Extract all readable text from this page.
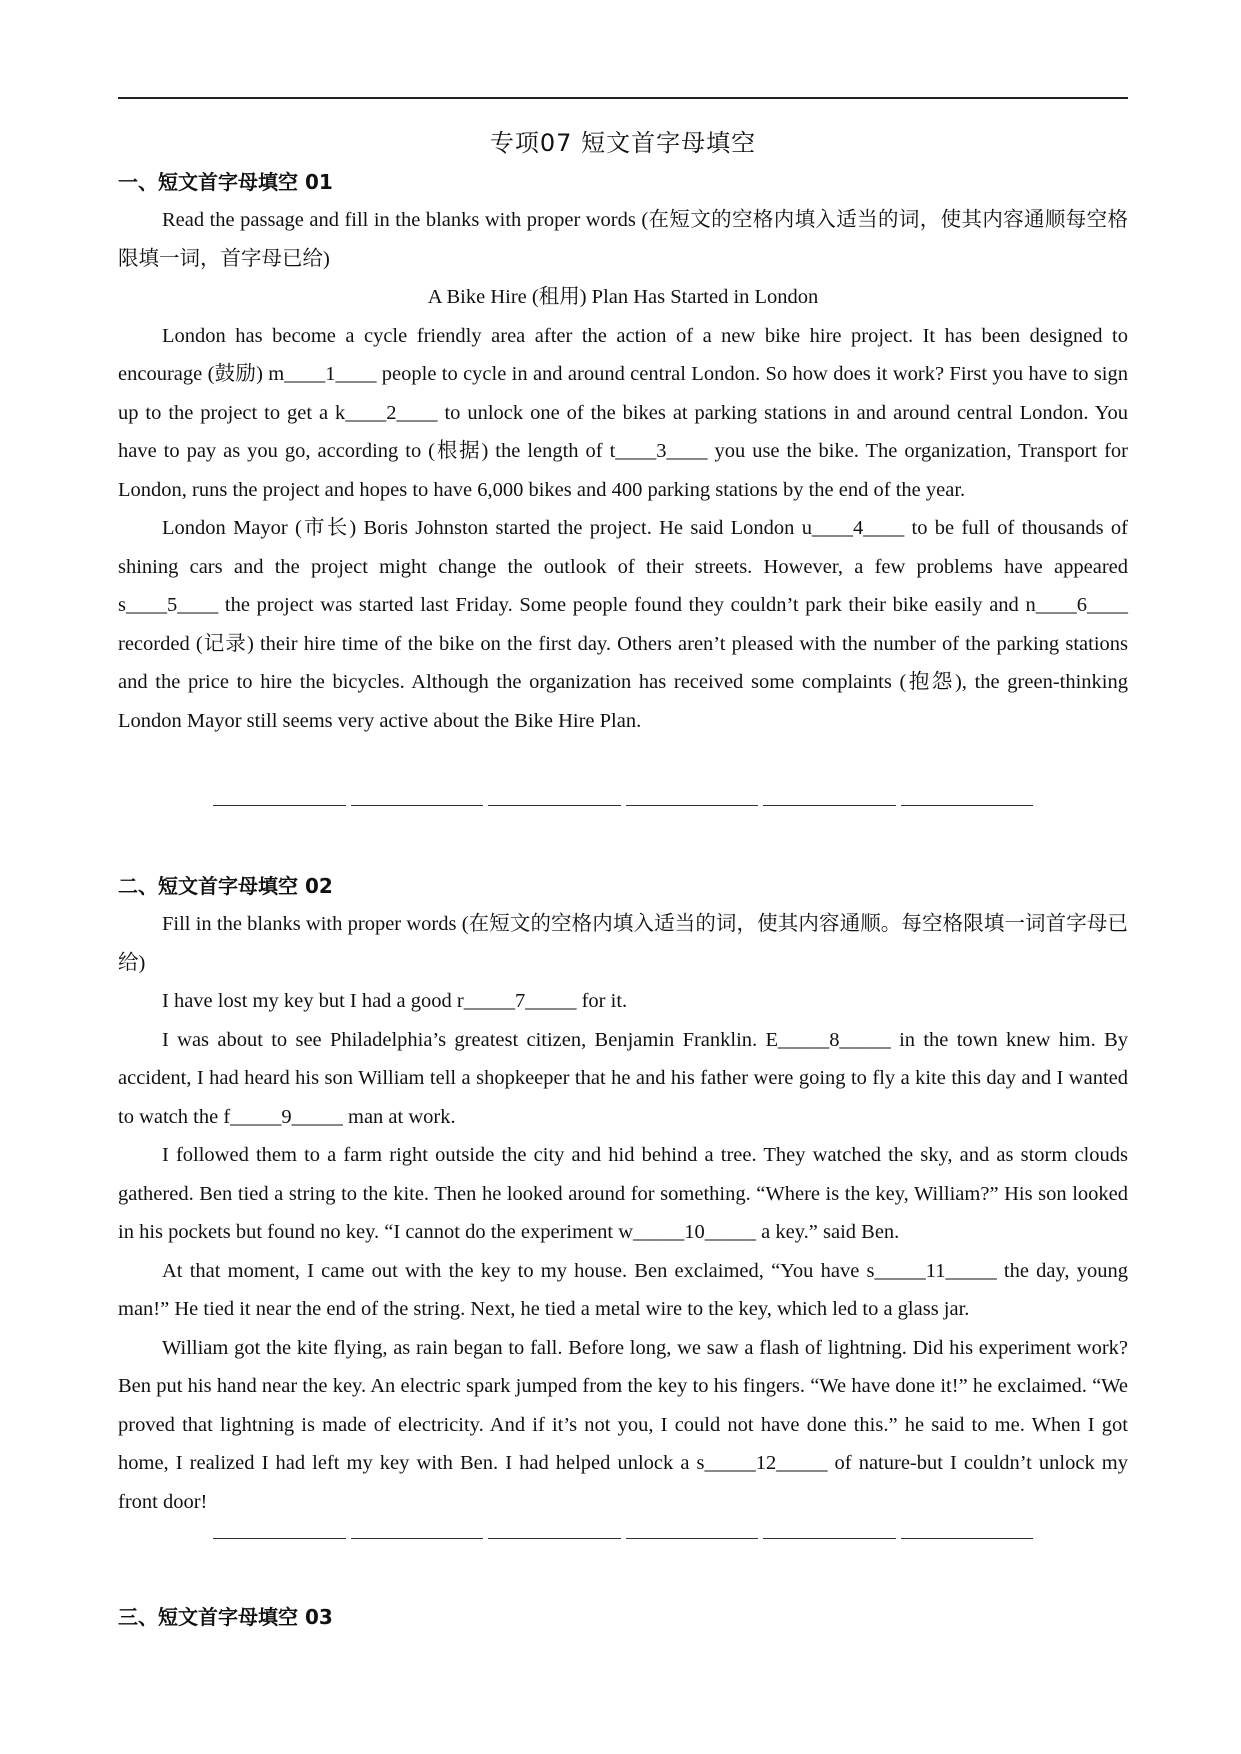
专项07 短文首字母填空
一、短文首字母填空 01

Read the passage and fill in the blanks with proper words (在短文的空格内填入适当的词，使其内容通顺每空格限填一词，首字母已给)

A Bike Hire (租用) Plan Has Started in London

London has become a cycle friendly area after the action of a new bike hire project. It has been designed to encourage (鼓励) m____1____ people to cycle in and around central London. So how does it work? First you have to sign up to the project to get a k____2____ to unlock one of the bikes at parking stations in and around central London. You have to pay as you go, according to (根据) the length of t____3____ you use the bike. The organization, Transport for London, runs the project and hopes to have 6,000 bikes and 400 parking stations by the end of the year.

London Mayor (市长) Boris Johnston started the project. He said London u____4____ to be full of thousands of shining cars and the project might change the outlook of their streets. However, a few problems have appeared s____5____ the project was started last Friday. Some people found they couldn’t park their bike easily and n____6____ recorded (记录) their hire time of the bike on the first day. Others aren’t pleased with the number of the parking stations and the price to hire the bicycles. Although the organization has received some complaints (抱怨), the green-thinking London Mayor still seems very active about the Bike Hire Plan.

二、短文首字母填空 02

Fill in the blanks with proper words (在短文的空格内填入适当的词，使其内容通顺。每空格限填一词首字母已给)

I have lost my key but I had a good r_____7_____ for it.

I was about to see Philadelphia’s greatest citizen, Benjamin Franklin. E_____8_____ in the town knew him. By accident, I had heard his son William tell a shopkeeper that he and his father were going to fly a kite this day and I wanted to watch the f_____9_____ man at work.

I followed them to a farm right outside the city and hid behind a tree. They watched the sky, and as storm clouds gathered. Ben tied a string to the kite. Then he looked around for something. “Where is the key, William?” His son looked in his pockets but found no key. “I cannot do the experiment w_____10_____ a key.” said Ben.

At that moment, I came out with the key to my house. Ben exclaimed, “You have s_____11_____ the day, young man!” He tied it near the end of the string. Next, he tied a metal wire to the key, which led to a glass jar.

William got the kite flying, as rain began to fall. Before long, we saw a flash of lightning. Did his experiment work? Ben put his hand near the key. An electric spark jumped from the key to his fingers. “We have done it!” he exclaimed. “We proved that lightning is made of electricity. And if it’s not you, I could not have done this.” he said to me. When I got home, I realized I had left my key with Ben. I had helped unlock a s_____12_____ of nature-but I couldn’t unlock my front door!

三、短文首字母填空 03
